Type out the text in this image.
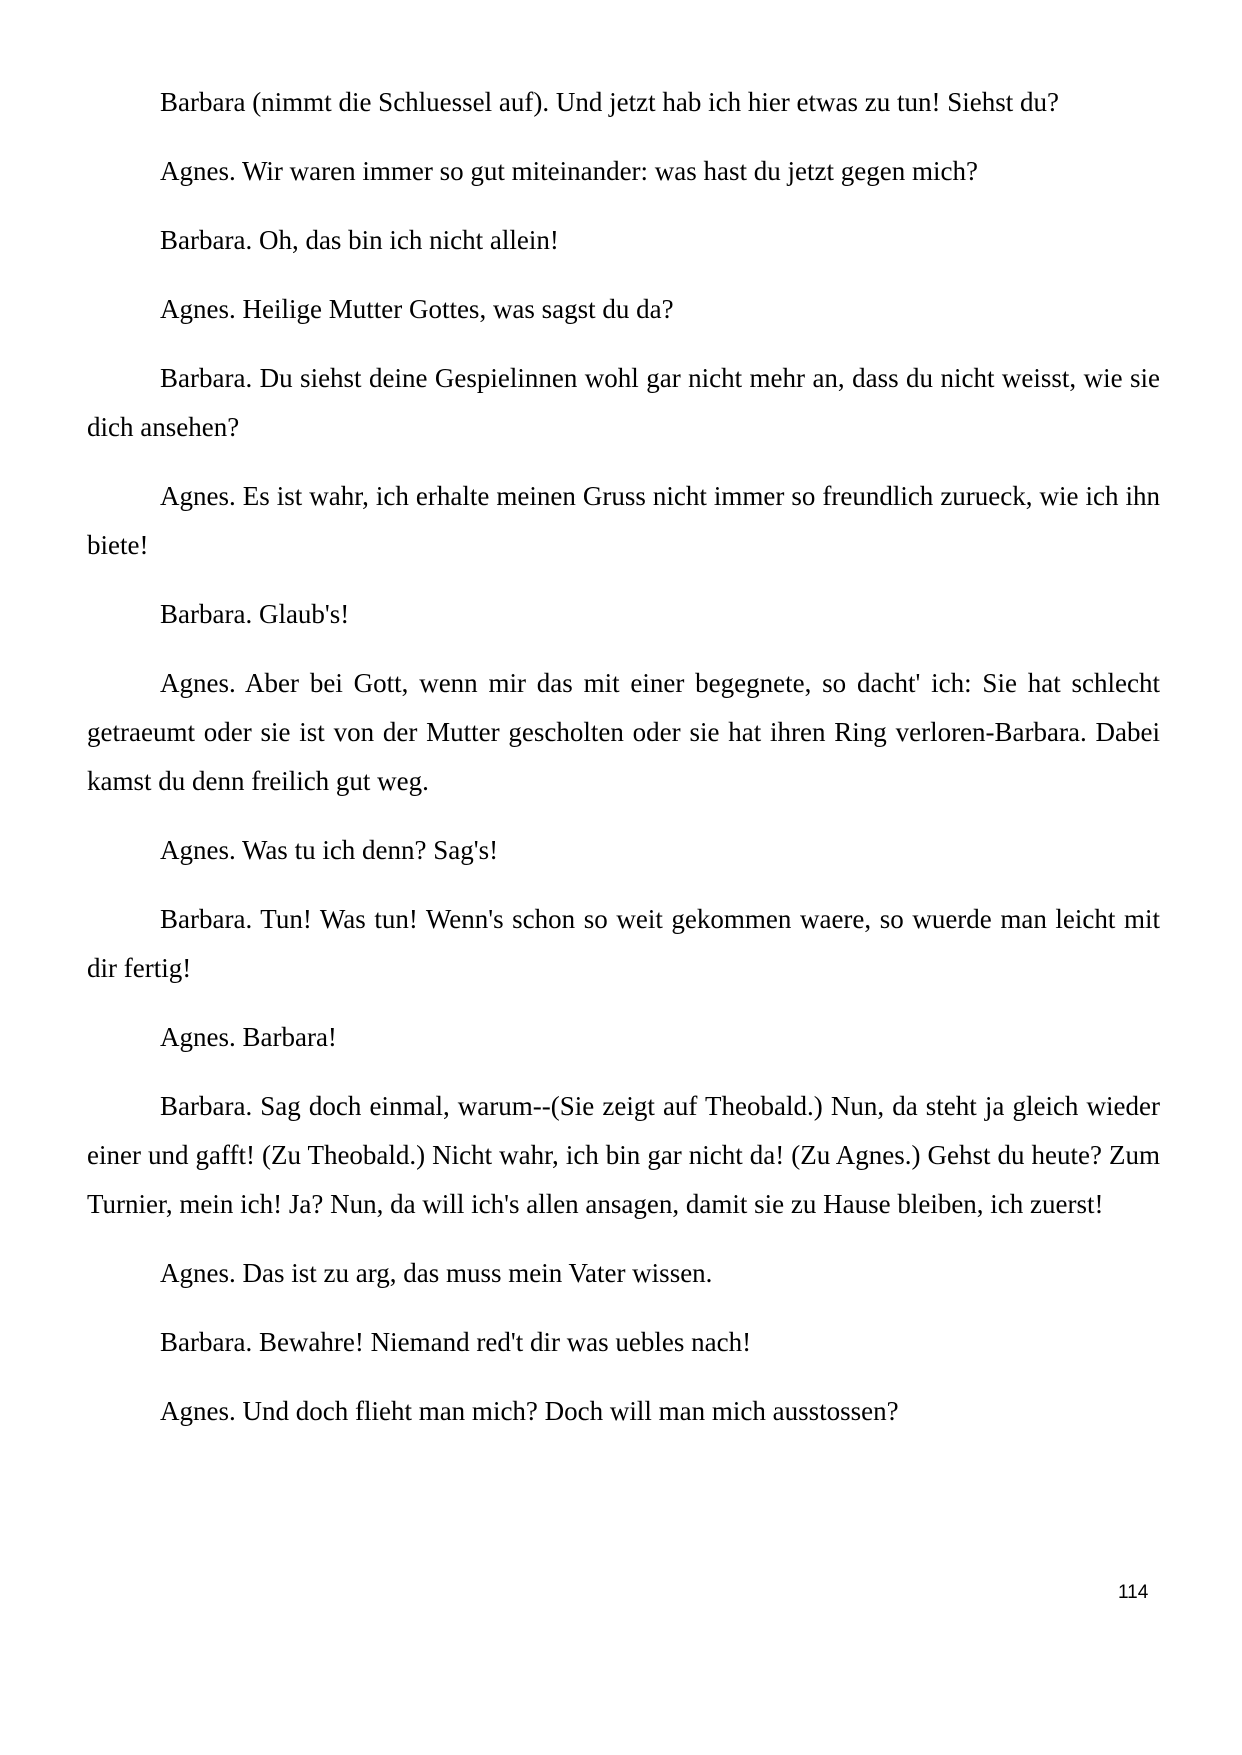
Barbara (nimmt die Schluessel auf). Und jetzt hab ich hier etwas zu tun! Siehst du?

Agnes. Wir waren immer so gut miteinander: was hast du jetzt gegen mich?

Barbara. Oh, das bin ich nicht allein!

Agnes. Heilige Mutter Gottes, was sagst du da?

Barbara. Du siehst deine Gespielinnen wohl gar nicht mehr an, dass du nicht weisst, wie sie dich ansehen?

Agnes. Es ist wahr, ich erhalte meinen Gruss nicht immer so freundlich zurueck, wie ich ihn biete!

Barbara. Glaub's!

Agnes. Aber bei Gott, wenn mir das mit einer begegnete, so dacht' ich: Sie hat schlecht getraeumt oder sie ist von der Mutter gescholten oder sie hat ihren Ring verloren-Barbara. Dabei kamst du denn freilich gut weg.

Agnes. Was tu ich denn? Sag's!

Barbara. Tun! Was tun! Wenn's schon so weit gekommen waere, so wuerde man leicht mit dir fertig!

Agnes. Barbara!

Barbara. Sag doch einmal, warum--(Sie zeigt auf Theobald.) Nun, da steht ja gleich wieder einer und gafft! (Zu Theobald.) Nicht wahr, ich bin gar nicht da! (Zu Agnes.) Gehst du heute? Zum Turnier, mein ich! Ja? Nun, da will ich's allen ansagen, damit sie zu Hause bleiben, ich zuerst!

Agnes. Das ist zu arg, das muss mein Vater wissen.

Barbara. Bewahre! Niemand red't dir was uebles nach!

Agnes. Und doch flieht man mich? Doch will man mich ausstossen?

114
